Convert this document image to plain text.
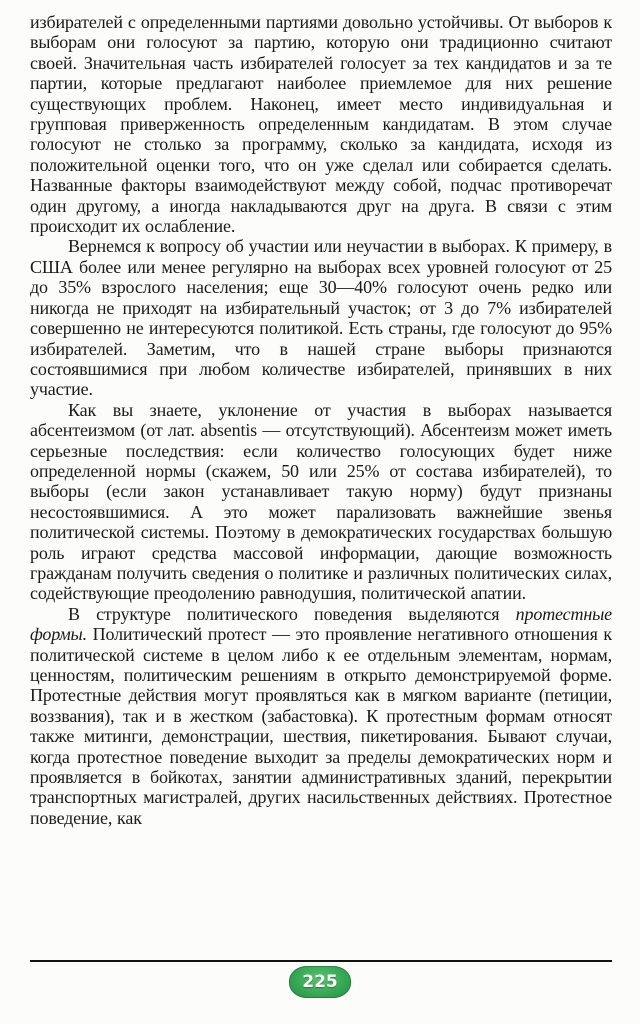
избирателей с определенными партиями довольно устойчивы. От выборов к выборам они голосуют за партию, которую они традиционно считают своей. Значительная часть избирателей голосует за тех кандидатов и за те партии, которые предлагают наиболее приемлемое для них решение существующих проблем. Наконец, имеет место индивидуальная и групповая приверженность определенным кандидатам. В этом случае голосуют не столько за программу, сколько за кандидата, исходя из положительной оценки того, что он уже сделал или собирается сделать. Названные факторы взаимодействуют между собой, подчас противоречат один другому, а иногда накладываются друг на друга. В связи с этим происходит их ослабление.

Вернемся к вопросу об участии или неучастии в выборах. К примеру, в США более или менее регулярно на выборах всех уровней голосуют от 25 до 35% взрослого населения; еще 30—40% голосуют очень редко или никогда не приходят на избирательный участок; от 3 до 7% избирателей совершенно не интересуются политикой. Есть страны, где голосуют до 95% избирателей. Заметим, что в нашей стране выборы признаются состоявшимися при любом количестве избирателей, принявших в них участие.

Как вы знаете, уклонение от участия в выборах называется абсентеизмом (от лат. absentis — отсутствующий). Абсентеизм может иметь серьезные последствия: если количество голосующих будет ниже определенной нормы (скажем, 50 или 25% от состава избирателей), то выборы (если закон устанавливает такую норму) будут признаны несостоявшимися. А это может парализовать важнейшие звенья политической системы. Поэтому в демократических государствах большую роль играют средства массовой информации, дающие возможность гражданам получить сведения о политике и различных политических силах, содействующие преодолению равнодушия, политической апатии.

В структуре политического поведения выделяются протестные формы. Политический протест — это проявление негативного отношения к политической системе в целом либо к ее отдельным элементам, нормам, ценностям, политическим решениям в открыто демонстрируемой форме. Протестные действия могут проявляться как в мягком варианте (петиции, воззвания), так и в жестком (забастовка). К протестным формам относят также митинги, демонстрации, шествия, пикетирования. Бывают случаи, когда протестное поведение выходит за пределы демократических норм и проявляется в бойкотах, занятии административных зданий, перекрытии транспортных магистралей, других насильственных действиях. Протестное поведение, как

225
